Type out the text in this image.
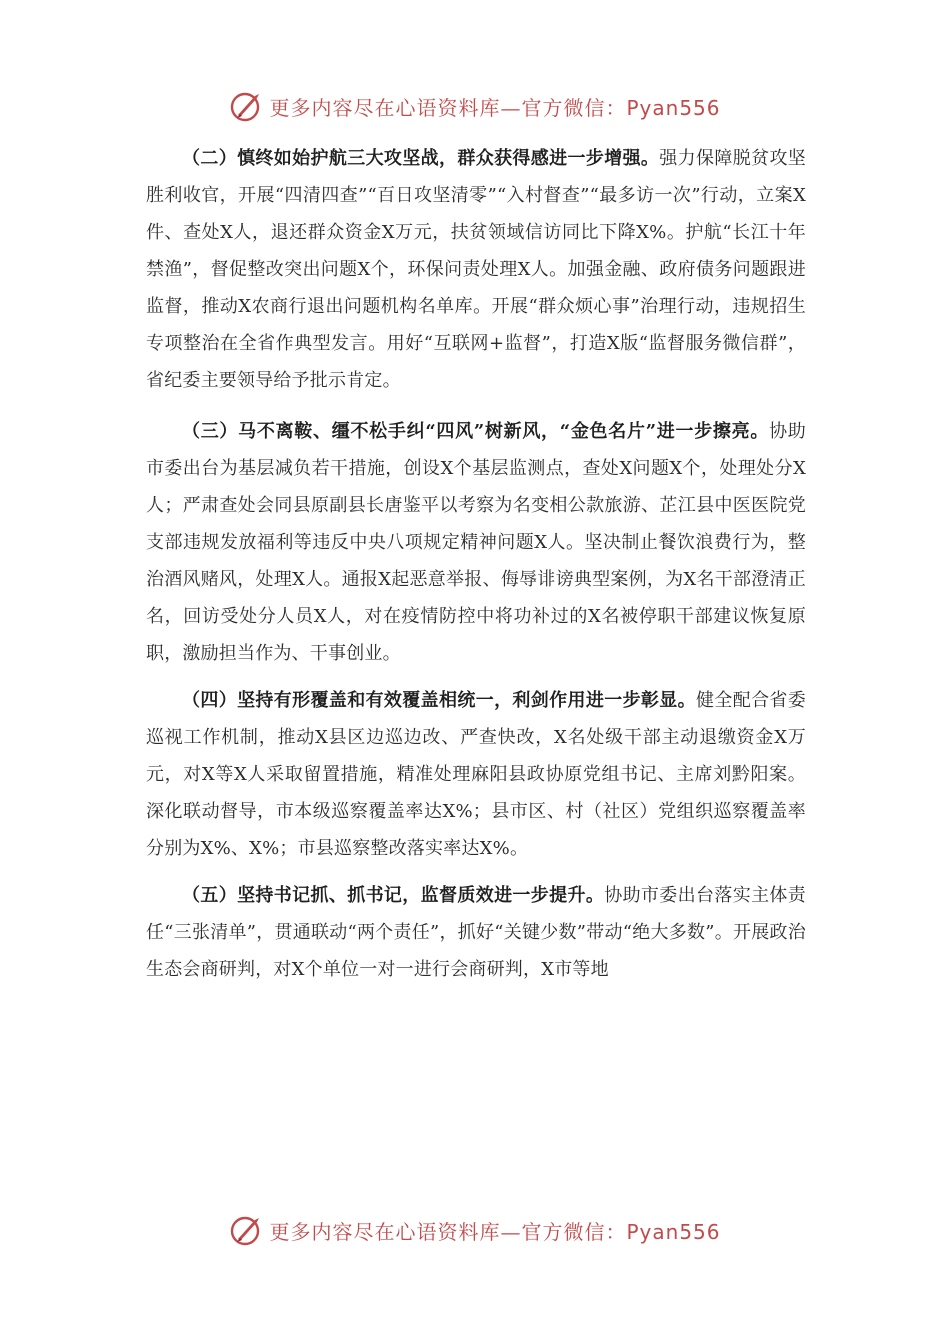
更多内容尽在心语资料库—官方微信：Pyan556

（二）慎终如始护航三大攻坚战，群众获得感进一步增强。强力保障脱贫攻坚胜利收官，开展“四清四查”“百日攻坚清零”“入村督查”“最多访一次”行动，立案X件、查处X人，退还群众资金X万元，扶贫领域信访同比下降X%。护航“长江十年禁渔”，督促整改突出问题X个，环保问责处理X人。加强金融、政府债务问题跟进监督，推动X农商行退出问题机构名单库。开展“群众烦心事”治理行动，违规招生专项整治在全省作典型发言。用好“互联网+监督”，打造X版“监督服务微信群”，省纪委主要领导给予批示肯定。

（三）马不离鞍、缰不松手纠“四风”树新风，“金色名片”进一步擦亮。协助市委出台为基层减负若干措施，创设X个基层监测点，查处X问题X个，处理处分X人；严肃查处会同县原副县长唐鉴平以考察为名变相公款旅游、芷江县中医医院党支部违规发放福利等违反中央八项规定精神问题X人。坚决制止餐饮浪费行为，整治酒风赌风，处理X人。通报X起恶意举报、侮辱诽谤典型案例，为X名干部澄清正名，回访受处分人员X人，对在疫情防控中将功补过的X名被停职干部建议恢复原职，激励担当作为、干事创业。

（四）坚持有形覆盖和有效覆盖相统一，利剑作用进一步彰显。健全配合省委巡视工作机制，推动X县区边巡边改、严查快改，X名处级干部主动退缴资金X万元，对X等X人采取留置措施，精准处理麻阳县政协原党组书记、主席刘黔阳案。深化联动督导，市本级巡察覆盖率达X%；县市区、村（社区）党组织巡察覆盖率分别为X%、X%；市县巡察整改落实率达X%。

（五）坚持书记抓、抓书记，监督质效进一步提升。协助市委出台落实主体责任“三张清单”，贯通联动“两个责任”，抓好“关键少数”带动“绝大多数”。开展政治生态会商研判，对X个单位一对一进行会商研判，X市等地

更多内容尽在心语资料库—官方微信：Pyan556
